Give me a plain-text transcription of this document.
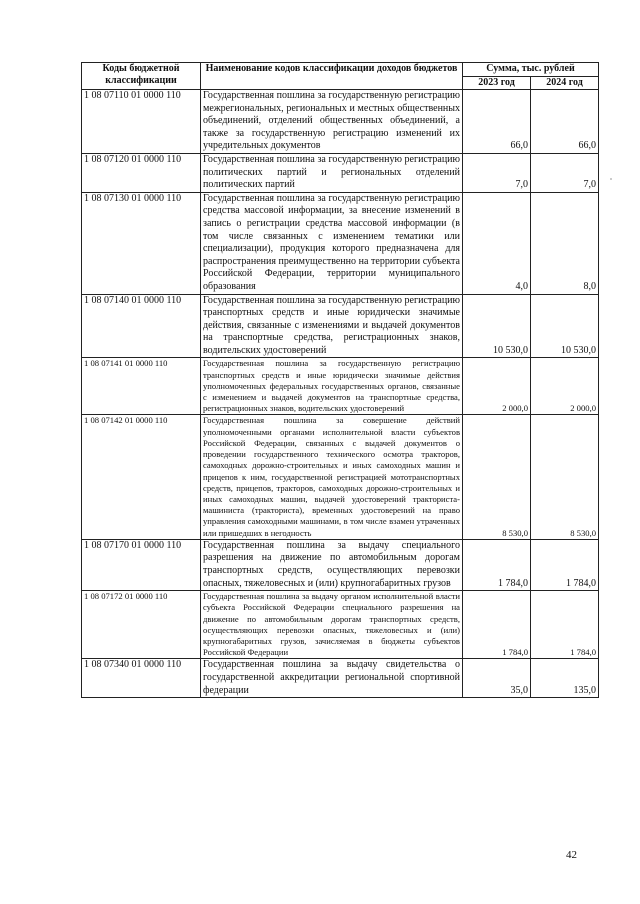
Коды бюджетной классификации	Наименование кодов классификации доходов бюджетов	Сумма, тыс. рублей	
		2023 год	2024 год
1 08 07110 01 0000 110	Государственная пошлина за государственную регистрацию межрегиональных, региональных и местных общественных объединений, отделений общественных объединений, а также за государственную регистрацию изменений их учредительных документов	66,0	66,0
1 08 07120 01 0000 110	Государственная пошлина за государственную регистрацию политических партий и региональных отделений политических партий	7,0	7,0
1 08 07130 01 0000 110	Государственная пошлина за государственную регистрацию средства массовой информации, за внесение изменений в запись о регистрации средства массовой информации (в том числе связанных с изменением тематики или специализации), продукция которого предназначена для распространения преимущественно на территории субъекта Российской Федерации, территории муниципального образования	4,0	8,0
1 08 07140 01 0000 110	Государственная пошлина за государственную регистрацию транспортных средств и иные юридически значимые действия, связанные с изменениями и выдачей документов на транспортные средства, регистрационных знаков, водительских удостоверений	10 530,0	10 530,0
1 08 07141 01 0000 110	Государственная пошлина за государственную регистрацию транспортных средств и иные юридически значимые действия уполномоченных федеральных государственных органов, связанные с изменением и выдачей документов на транспортные средства, регистрационных знаков, водительских удостоверений	2 000,0	2 000,0
1 08 07142 01 0000 110	Государственная пошлина за совершение действий уполномоченными органами исполнительной власти субъектов Российской Федерации, связанных с выдачей документов о проведении государственного технического осмотра тракторов, самоходных дорожно-строительных и иных самоходных машин и прицепов к ним, государственной регистрацией мототранспортных средств, прицепов, тракторов, самоходных дорожно-строительных и иных самоходных машин, выдачей удостоверений тракториста-машиниста (тракториста), временных удостоверений на право управления самоходными машинами, в том числе взамен утраченных или пришедших в негодность	8 530,0	8 530,0
1 08 07170 01 0000 110	Государственная пошлина за выдачу специального разрешения на движение по автомобильным дорогам транспортных средств, осуществляющих перевозки опасных, тяжеловесных и (или) крупногабаритных грузов	1 784,0	1 784,0
1 08 07172 01 0000 110	Государственная пошлина за выдачу органом исполнительной власти субъекта Российской Федерации специального разрешения на движение по автомобильным дорогам транспортных средств, осуществляющих перевозки опасных, тяжеловесных и (или) крупногабаритных грузов, зачисляемая в бюджеты субъектов Российской Федерации	1 784,0	1 784,0
1 08 07340 01 0000 110	Государственная пошлина за выдачу свидетельства о государственной аккредитации региональной спортивной федерации	35,0	135,0
42
